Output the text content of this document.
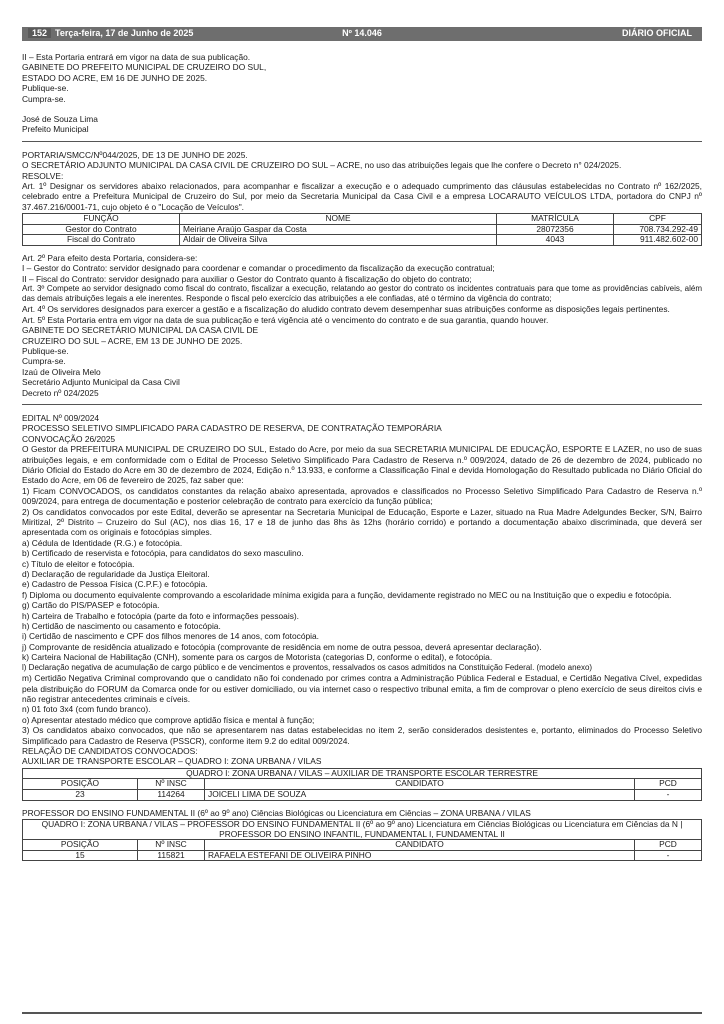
152 Terça-feira, 17 de Junho de 2025	Nº 14.046	DIÁRIO OFICIAL

II – Esta Portaria entrará em vigor na data de sua publicação.

GABINETE DO PREFEITO MUNICIPAL DE CRUZEIRO DO SUL,

ESTADO DO ACRE, EM 16 DE JUNHO DE 2025.

Publique-se.

Cumpra-se.

José de Souza Lima

Prefeito Municipal

PORTARIA/SMCC/Nº044/2025, DE 13 DE JUNHO DE 2025.

O SECRETÁRIO ADJUNTO MUNICIPAL DA CASA CIVIL DE CRUZEIRO DO SUL – ACRE, no uso das atribuições legais que lhe confere o Decreto n° 024/2025.

RESOLVE:

Art. 1º Designar os servidores abaixo relacionados, para acompanhar e fiscalizar a execução e o adequado cumprimento das cláusulas estabelecidas no Contrato nº 162/2025, celebrado entre a Prefeitura Municipal de Cruzeiro do Sul, por meio da Secretaria Municipal da Casa Civil e a empresa LOCARAUTO VEÍCULOS LTDA, portadora do CNPJ nº 37.467.216/0001-71, cujo objeto é o "Locação de Veículos".

FUNÇÃO	NOME	MATRÍCULA	CPF
Gestor do Contrato	Meiriane Araújo Gaspar da Costa	28072356	708.734.292-49
Fiscal do Contrato	Aldair de Oliveira Silva	4043	911.482.602-00

Art. 2º Para efeito desta Portaria, considera-se:

I – Gestor do Contrato: servidor designado para coordenar e comandar o procedimento da fiscalização da execução contratual;

II – Fiscal do Contrato: servidor designado para auxiliar o Gestor do Contrato quanto à fiscalização do objeto do contrato;

Art. 3º Compete ao servidor designado como fiscal do contrato, fiscalizar a execução, relatando ao gestor do contrato os incidentes contratuais para que tome as providências cabíveis, além das demais atribuições legais a ele inerentes. Responde o fiscal pelo exercício das atribuições a ele confiadas, até o término da vigência do contrato;

Art. 4º Os servidores designados para exercer a gestão e a fiscalização do aludido contrato devem desempenhar suas atribuições conforme as disposições legais pertinentes.

Art. 5º Esta Portaria entra em vigor na data de sua publicação e terá vigência até o vencimento do contrato e de sua garantia, quando houver.

GABINETE DO SECRETÁRIO MUNICIPAL DA CASA CIVIL DE

CRUZEIRO DO SUL – ACRE, EM 13 DE JUNHO DE 2025.

Publique-se.

Cumpra-se.

Izaú de Oliveira Melo

Secretário Adjunto Municipal da Casa Civil

Decreto nº 024/2025

EDITAL Nº 009/2024

PROCESSO SELETIVO SIMPLIFICADO PARA CADASTRO DE RESERVA, DE CONTRATAÇÃO TEMPORÁRIA

CONVOCAÇÃO 26/2025

O Gestor da PREFEITURA MUNICIPAL DE CRUZEIRO DO SUL, Estado do Acre, por meio da sua SECRETARIA MUNICIPAL DE EDUCAÇÃO, ESPORTE E LAZER, no uso de suas atribuições legais, e em conformidade com o Edital de Processo Seletivo Simplificado Para Cadastro de Reserva n.º 009/2024, datado de 26 de dezembro de 2024, publicado no Diário Oficial do Estado do Acre em 30 de dezembro de 2024, Edição n.º 13.933, e conforme a Classificação Final e devida Homologação do Resultado publicada no Diário Oficial do Estado do Acre, em 06 de fevereiro de 2025, faz saber que:

1) Ficam CONVOCADOS, os candidatos constantes da relação abaixo apresentada, aprovados e classificados no Processo Seletivo Simplificado Para Cadastro de Reserva n.º 009/2024, para entrega de documentação e posterior celebração de contrato para exercício da função pública;

2) Os candidatos convocados por este Edital, deverão se apresentar na Secretaria Municipal de Educação, Esporte e Lazer, situado na Rua Madre Adelgundes Becker, S/N, Bairro Miritizal, 2º Distrito – Cruzeiro do Sul (AC), nos dias 16, 17 e 18 de junho das 8hs às 12hs (horário corrido) e portando a documentação abaixo discriminada, que deverá ser apresentada com os originais e fotocópias simples.

a) Cédula de Identidade (R.G.) e fotocópia.

b) Certificado de reservista e fotocópia, para candidatos do sexo masculino.

c) Título de eleitor e fotocópia.

d) Declaração de regularidade da Justiça Eleitoral.

e) Cadastro de Pessoa Física (C.P.F.) e fotocópia.

f) Diploma ou documento equivalente comprovando a escolaridade mínima exigida para a função, devidamente registrado no MEC ou na Instituição que o expediu e fotocópia.

g) Cartão do PIS/PASEP e fotocópia.

h) Carteira de Trabalho e fotocópia (parte da foto e informações pessoais).

h) Certidão de nascimento ou casamento e fotocópia.

i) Certidão de nascimento e CPF dos filhos menores de 14 anos, com fotocópia.

j) Comprovante de residência atualizado e fotocópia (comprovante de residência em nome de outra pessoa, deverá apresentar declaração).

k) Carteira Nacional de Habilitação (CNH), somente para os cargos de Motorista (categorias D, conforme o edital), e fotocópia.

l) Declaração negativa de acumulação de cargo público e de vencimentos e proventos, ressalvados os casos admitidos na Constituição Federal. (modelo anexo)

m) Certidão Negativa Criminal comprovando que o candidato não foi condenado por crimes contra a Administração Pública Federal e Estadual, e Certidão Negativa Cível, expedidas pela distribuição do FORUM da Comarca onde for ou estiver domiciliado, ou via internet caso o respectivo tribunal emita, a fim de comprovar o pleno exercício de seus direitos civis e não registrar antecedentes criminais e cíveis.

n) 01 foto 3x4 (com fundo branco).

o) Apresentar atestado médico que comprove aptidão física e mental à função;

3) Os candidatos abaixo convocados, que não se apresentarem nas datas estabelecidas no item 2, serão considerados desistentes e, portanto, eliminados do Processo Seletivo Simplificado para Cadastro de Reserva (PSSCR), conforme item 9.2 do edital 009/2024.

RELAÇÃO DE CANDIDATOS CONVOCADOS:

AUXILIAR DE TRANSPORTE ESCOLAR – QUADRO I: ZONA URBANA / VILAS

QUADRO I: ZONA URBANA / VILAS – AUXILIAR DE TRANSPORTE ESCOLAR TERRESTRE			
POSIÇÃO	Nº INSC	CANDIDATO	PCD
23	114264	JOICELI LIMA DE SOUZA	-

PROFESSOR DO ENSINO FUNDAMENTAL II (6º ao 9º ano) Ciências Biológicas ou Licenciatura em Ciências – ZONA URBANA / VILAS

QUADRO I: ZONA URBANA / VILAS – PROFESSOR DO ENSINO FUNDAMENTAL II (6º ao 9º ano) Licenciatura em Ciências Biológicas ou Licenciatura em Ciências da N | PROFESSOR DO ENSINO INFANTIL, FUNDAMENTAL I, FUNDAMENTAL II			
POSIÇÃO	Nº INSC	CANDIDATO	PCD
15	115821	RAFAELA ESTEFANI DE OLIVEIRA PINHO	-
